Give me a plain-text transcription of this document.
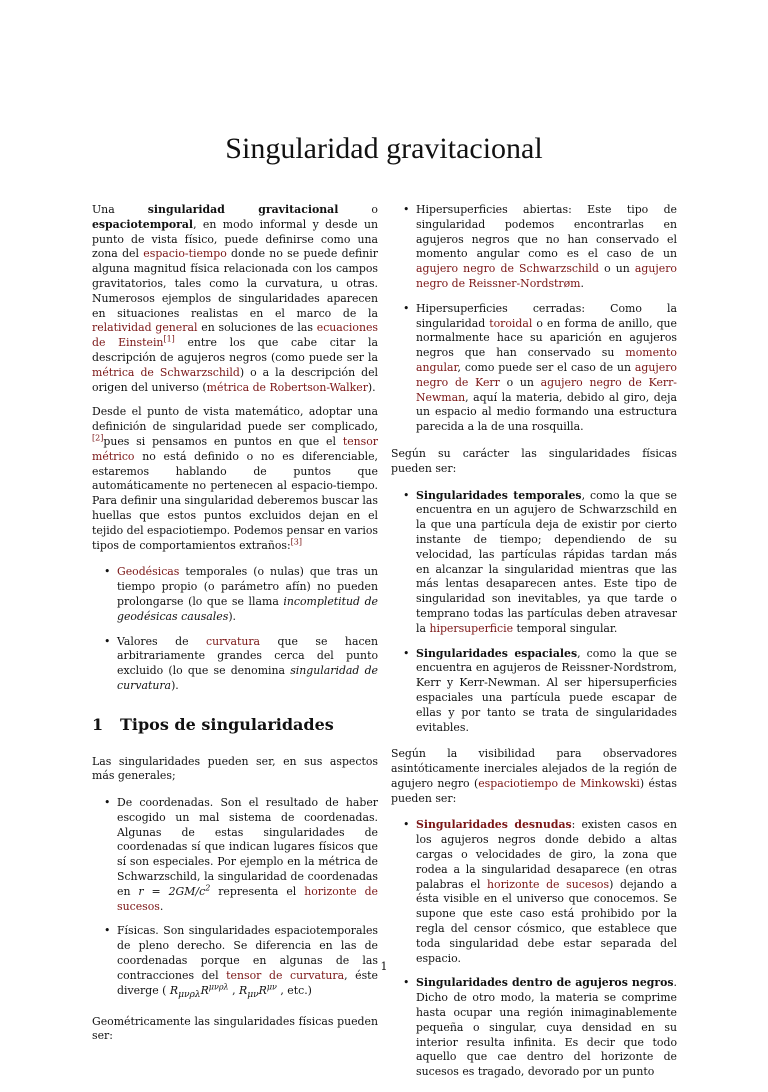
Singularidad gravitacional

Una singularidad gravitacional o espaciotemporal, en modo informal y desde un punto de vista físico, puede definirse como una zona del espacio-tiempo donde no se puede definir alguna magnitud física relacionada con los campos gravitatorios, tales como la curvatura, u otras. Numerosos ejemplos de singularidades aparecen en situaciones realistas en el marco de la relatividad general en soluciones de las ecuaciones de Einstein[1] entre los que cabe citar la descripción de agujeros negros (como puede ser la métrica de Schwarzschild) o a la descripción del origen del universo (métrica de Robertson-Walker).

Desde el punto de vista matemático, adoptar una definición de singularidad puede ser complicado,[2]pues si pensamos en puntos en que el tensor métrico no está definido o no es diferenciable, estaremos hablando de puntos que automáticamente no pertenecen al espacio-tiempo. Para definir una singularidad deberemos buscar las huellas que estos puntos excluidos dejan en el tejido del espaciotiempo. Podemos pensar en varios tipos de comportamientos extraños:[3]

• Geodésicas temporales (o nulas) que tras un tiempo propio (o parámetro afín) no pueden prolongarse (lo que se llama incompletitud de geodésicas causales).
• Valores de curvatura que se hacen arbitrariamente grandes cerca del punto excluido (lo que se denomina singularidad de curvatura).
1 Tipos de singularidades

Las singularidades pueden ser, en sus aspectos más generales;

• De coordenadas. Son el resultado de haber escogido un mal sistema de coordenadas. Algunas de estas singularidades de coordenadas sí que indican lugares físicos que sí son especiales. Por ejemplo en la métrica de Schwarzschild, la singularidad de coordenadas en $r = 2GM/c^2$ representa el horizonte de sucesos.
• Físicas. Son singularidades espaciotemporales de pleno derecho. Se diferencia en las de coordenadas porque en algunas de las contracciones del tensor de curvatura, éste diverge ( $R_{\mu\nu\rho\lambda}R^{\mu\nu\rho\lambda}$ , $R_{\mu\nu}R^{\mu\nu}$ , etc.)

Geométricamente las singularidades físicas pueden ser:

• Hipersuperficies abiertas: Este tipo de singularidad podemos encontrarlas en agujeros negros que no han conservado el momento angular como es el caso de un agujero negro de Schwarzschild o un agujero negro de Reissner-Nordstrøm.
• Hipersuperficies cerradas: Como la singularidad toroidal o en forma de anillo, que normalmente hace su aparición en agujeros negros que han conservado su momento angular, como puede ser el caso de un agujero negro de Kerr o un agujero negro de Kerr-Newman, aquí la materia, debido al giro, deja un espacio al medio formando una estructura parecida a la de una rosquilla.

Según su carácter las singularidades físicas pueden ser:

• Singularidades temporales, como la que se encuentra en un agujero de Schwarzschild en la que una partícula deja de existir por cierto instante de tiempo; dependiendo de su velocidad, las partículas rápidas tardan más en alcanzar la singularidad mientras que las más lentas desaparecen antes. Este tipo de singularidad son inevitables, ya que tarde o temprano todas las partículas deben atravesar la hipersuperficie temporal singular.
• Singularidades espaciales, como la que se encuentra en agujeros de Reissner-Nordstrom, Kerr y Kerr-Newman. Al ser hipersuperficies espaciales una partícula puede escapar de ellas y por tanto se trata de singularidades evitables.

Según la visibilidad para observadores asintóticamente inerciales alejados de la región de agujero negro (espaciotiempo de Minkowski) éstas pueden ser:

• Singularidades desnudas: existen casos en los agujeros negros donde debido a altas cargas o velocidades de giro, la zona que rodea a la singularidad desaparece (en otras palabras el horizonte de sucesos) dejando a ésta visible en el universo que conocemos. Se supone que este caso está prohibido por la regla del censor cósmico, que establece que toda singularidad debe estar separada del espacio.
• Singularidades dentro de agujeros negros. Dicho de otro modo, la materia se comprime hasta ocupar una región inimaginablemente pequeña o singular, cuya densidad en su interior resulta infinita. Es decir que todo aquello que cae dentro del horizonte de sucesos es tragado, devorado por un punto
1
